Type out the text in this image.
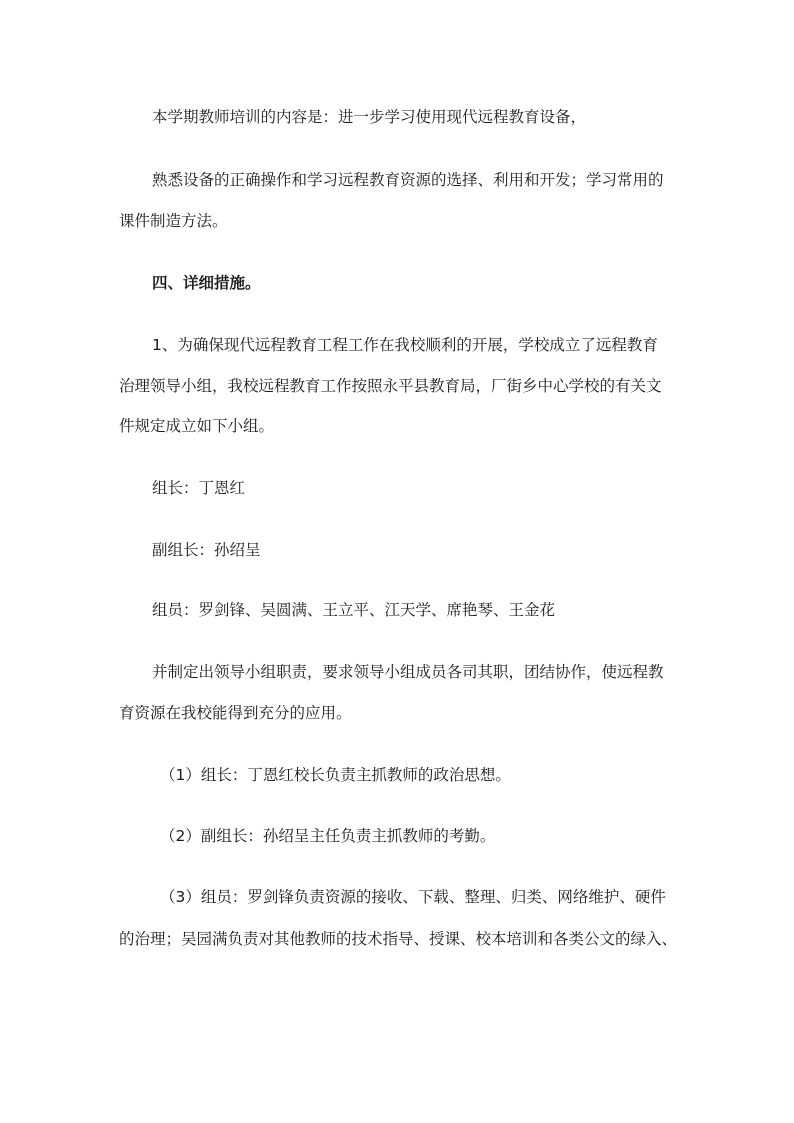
本学期教师培训的内容是：进一步学习使用现代远程教育设备，

熟悉设备的正确操作和学习远程教育资源的选择、利用和开发；学习常用的

课件制造方法。

四、详细措施。

1、为确保现代远程教育工程工作在我校顺利的开展，学校成立了远程教育

治理领导小组，我校远程教育工作按照永平县教育局，厂街乡中心学校的有关文

件规定成立如下小组。

组长：丁恩红

副组长：孙绍呈

组员：罗剑锋、吴圆满、王立平、江天学、席艳琴、王金花

并制定出领导小组职责，要求领导小组成员各司其职，团结协作，使远程教

育资源在我校能得到充分的应用。

（1）组长：丁恩红校长负责主抓教师的政治思想。

（2）副组长：孙绍呈主任负责主抓教师的考勤。

（3）组员：罗剑锋负责资源的接收、下载、整理、归类、网络维护、硬件

的治理；吴园满负责对其他教师的技术指导、授课、校本培训和各类公文的绿入、
